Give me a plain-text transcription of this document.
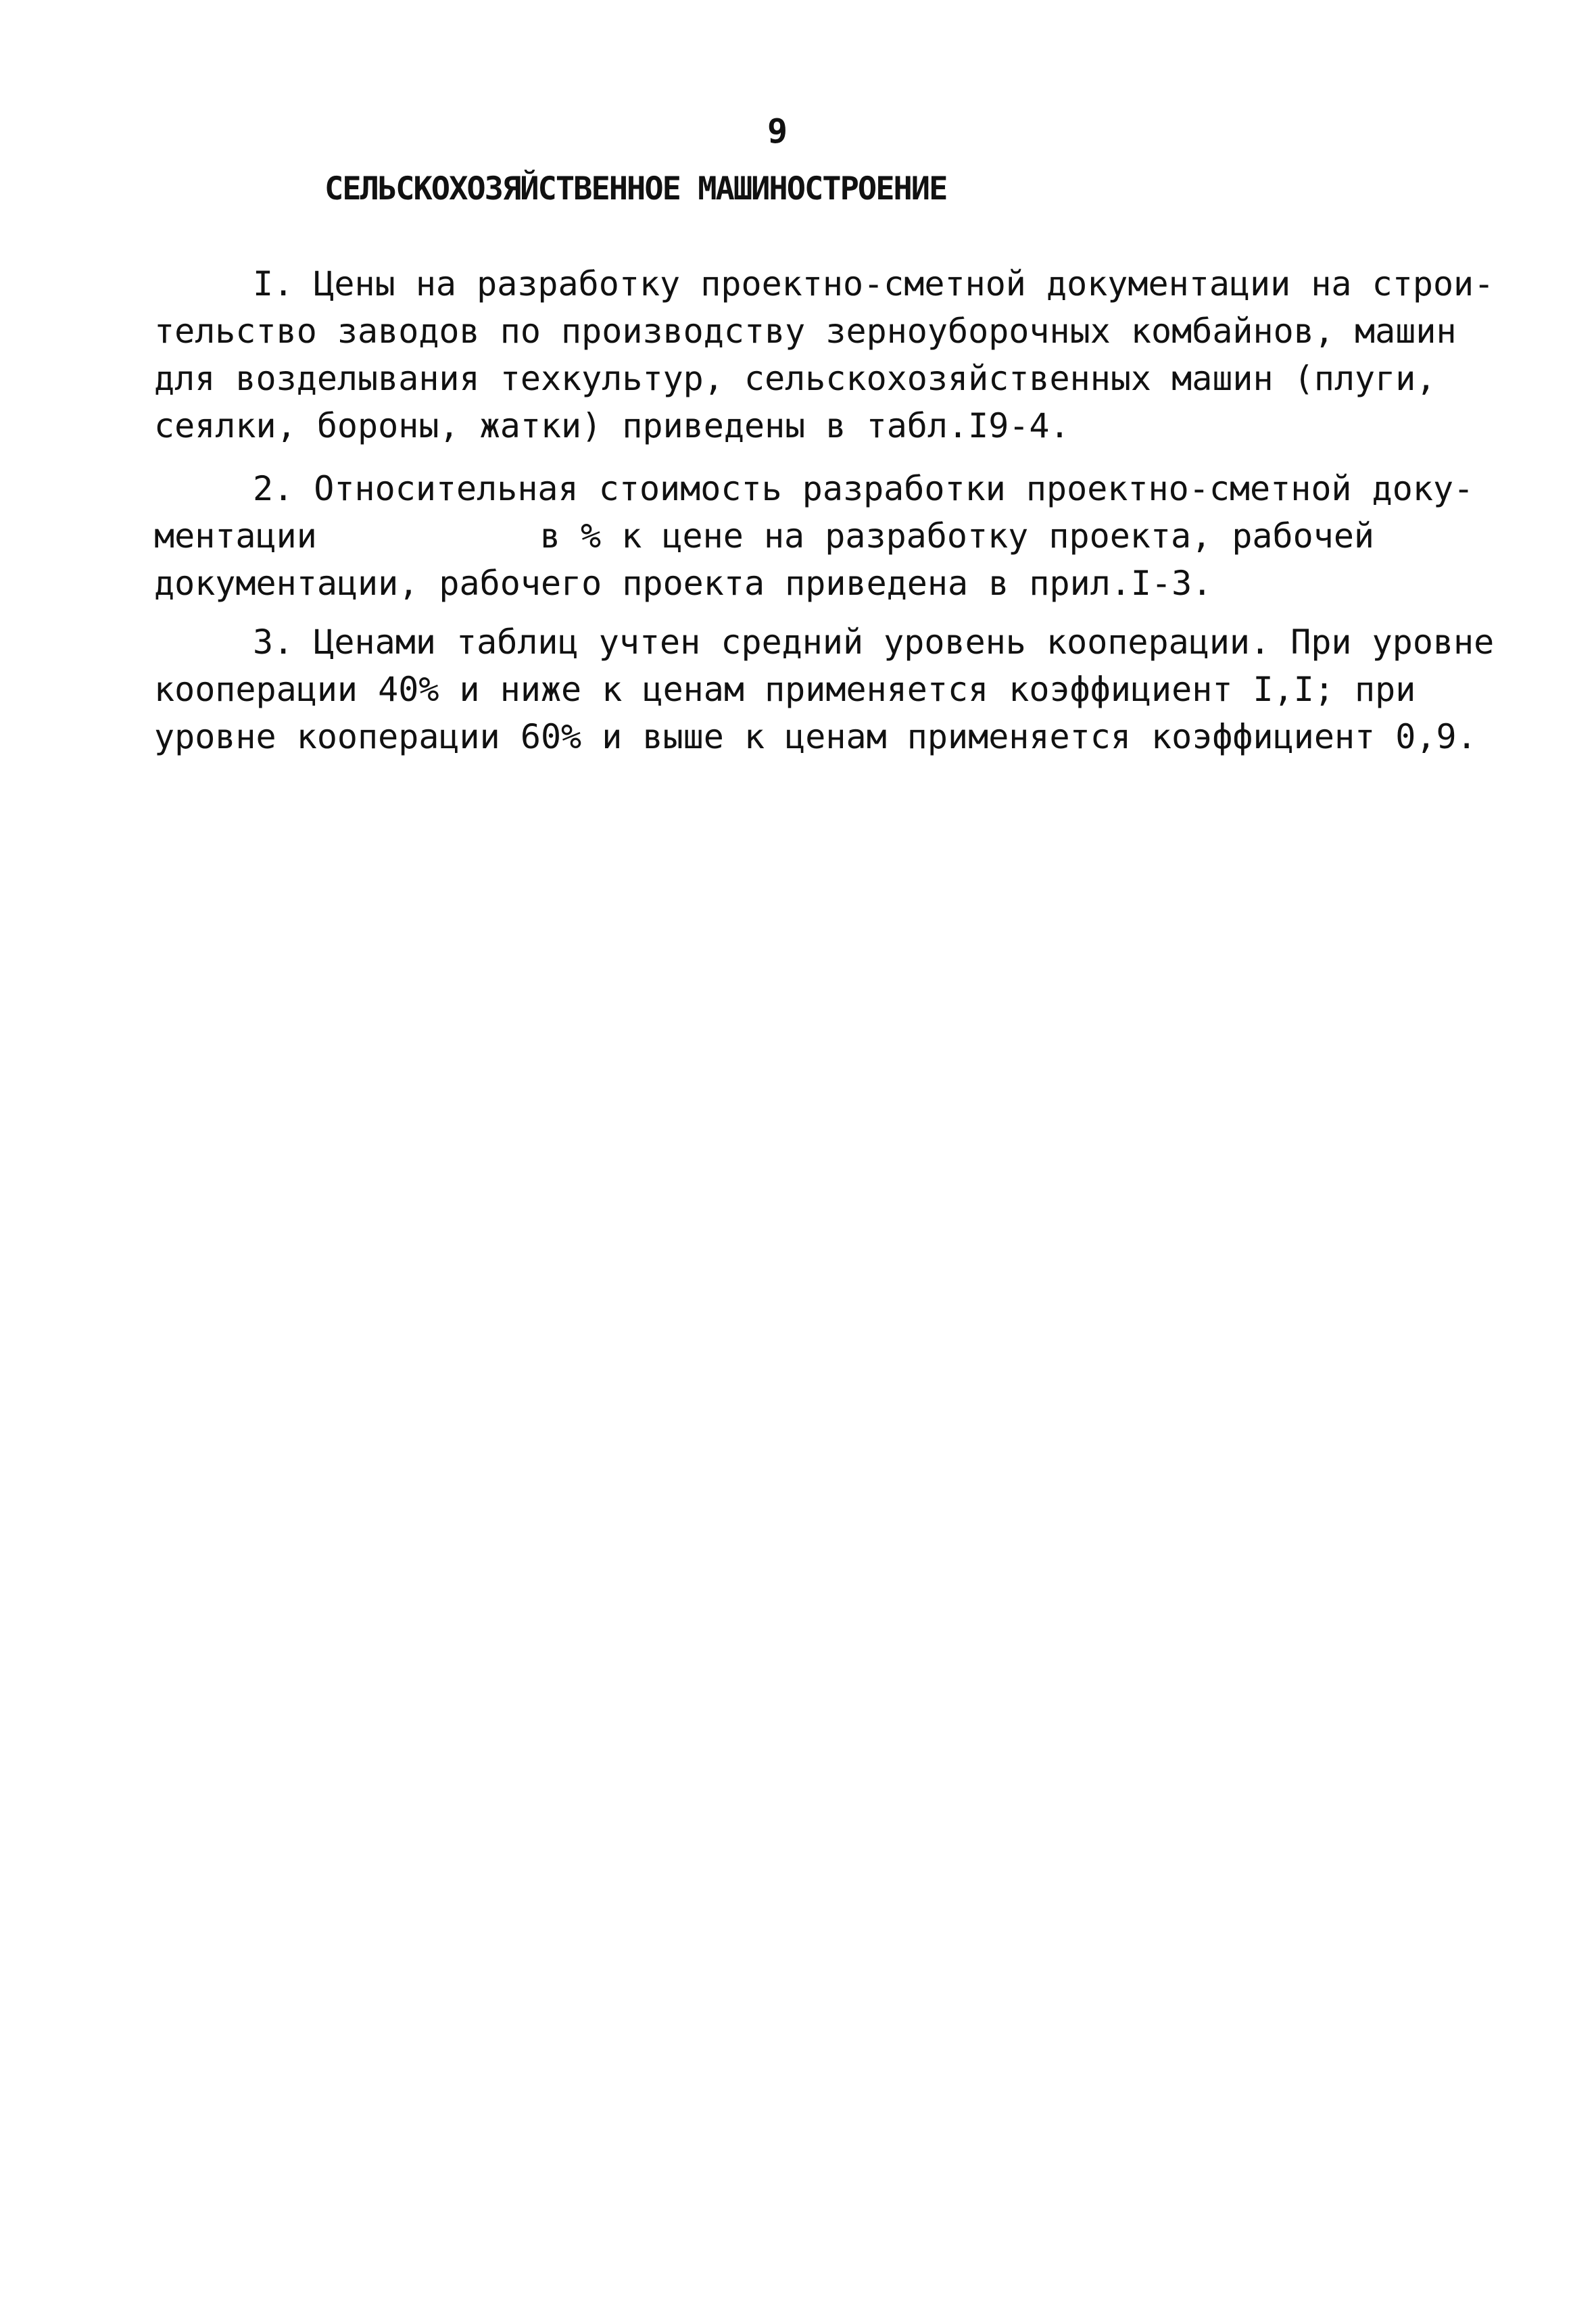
9
СЕЛЬСКОХОЗЯЙСТВЕННОЕ МАШИНОСТРОЕНИЕ
I. Цены на разработку проектно-сметной документации на строи-
тельство заводов по производству зерноуборочных комбайнов, машин
для возделывания техкультур, сельскохозяйственных машин (плуги,
сеялки, бороны, жатки) приведены в табл.I9-4.
2. Относительная стоимость разработки проектно-сметной доку-
ментации	в % к цене на разработку проекта, рабочей
документации, рабочего проекта приведена в прил.I-3.
3. Ценами таблиц учтен средний уровень кооперации. При уровне
кооперации 40% и ниже к ценам применяется коэффициент I,I; при
уровне кооперации 60% и выше к ценам применяется коэффициент 0,9.
